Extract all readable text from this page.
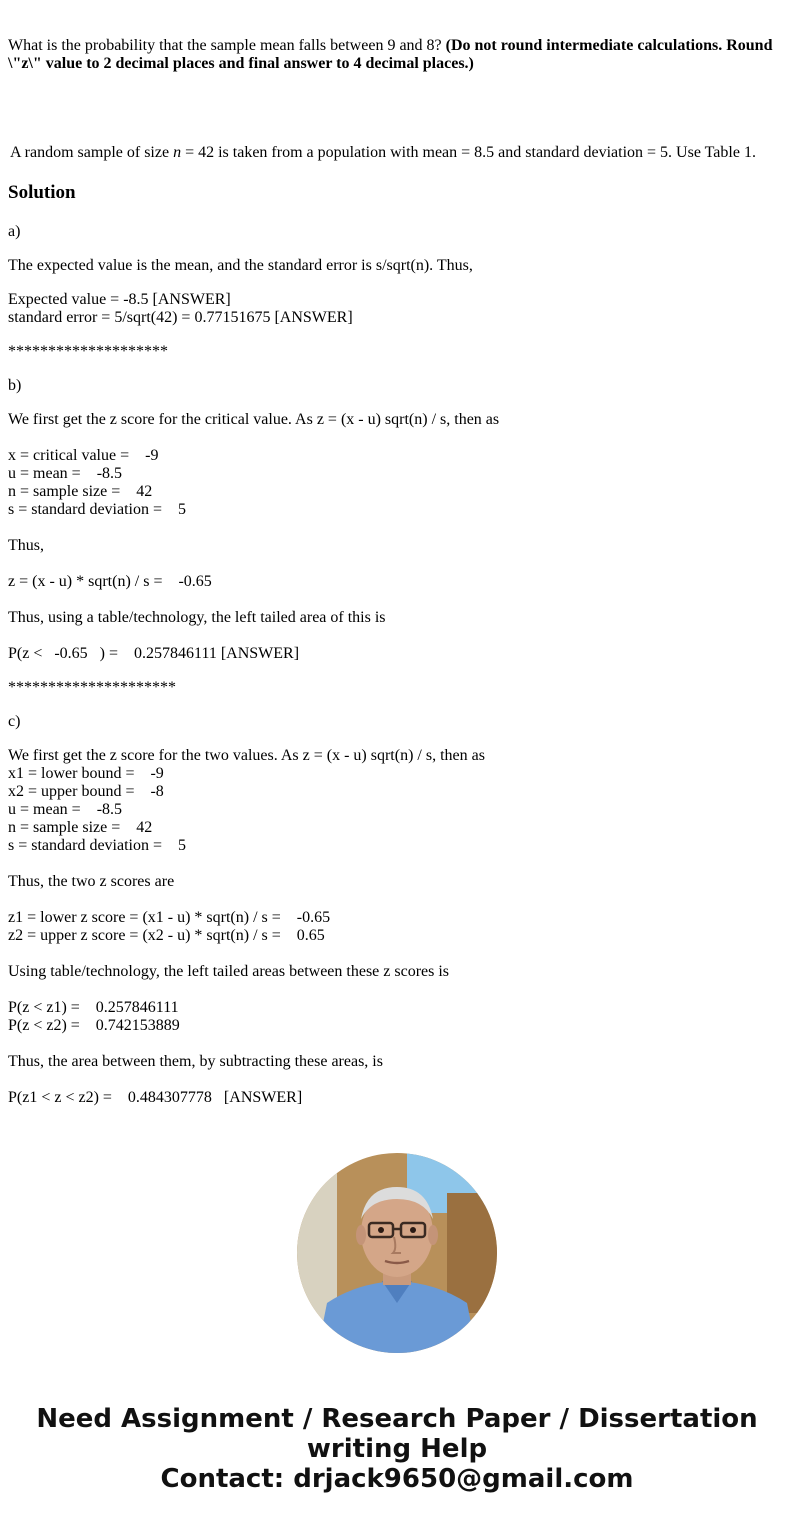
What is the probability that the sample mean falls between 9 and 8? (Do not round intermediate calculations. Round \"z\" value to 2 decimal places and final answer to 4 decimal places.)
A random sample of size n = 42 is taken from a population with mean = 8.5 and standard deviation = 5. Use Table 1.
Solution
a)
The expected value is the mean, and the standard error is s/sqrt(n). Thus,
Expected value = -8.5 [ANSWER]
standard error = 5/sqrt(42) = 0.77151675 [ANSWER]
********************
b)
We first get the z score for the critical value. As z = (x - u) sqrt(n) / s, then as
x = critical value =    -9
u = mean =    -8.5
n = sample size =    42
s = standard deviation =    5
Thus,
z = (x - u) * sqrt(n) / s =    -0.65
Thus, using a table/technology, the left tailed area of this is
P(z <   -0.65   ) =    0.257846111 [ANSWER]
*********************
c)
We first get the z score for the two values. As z = (x - u) sqrt(n) / s, then as
x1 = lower bound =    -9
x2 = upper bound =    -8
u = mean =    -8.5
n = sample size =    42
s = standard deviation =    5
Thus, the two z scores are
z1 = lower z score = (x1 - u) * sqrt(n) / s =    -0.65
z2 = upper z score = (x2 - u) * sqrt(n) / s =    0.65
Using table/technology, the left tailed areas between these z scores is
P(z < z1) =    0.257846111
P(z < z2) =    0.742153889
Thus, the area between them, by subtracting these areas, is
P(z1 < z < z2) =    0.484307778   [ANSWER]
Need Assignment / Research Paper / Dissertation
writing Help
Contact: drjack9650@gmail.com
